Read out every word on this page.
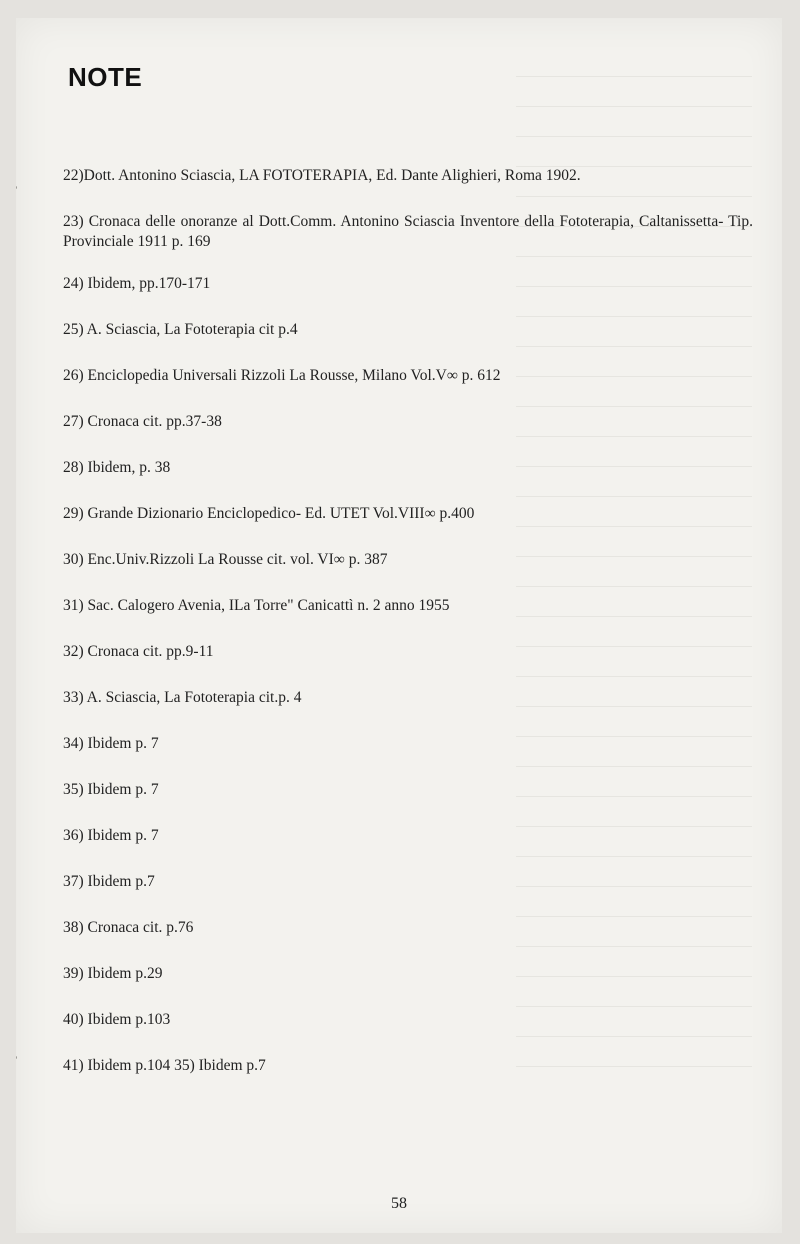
NOTE

22)Dott. Antonino Sciascia, LA FOTOTERAPIA, Ed. Dante Alighieri, Roma 1902.

23) Cronaca delle onoranze al Dott.Comm. Antonino Sciascia Inventore della Fototerapia, Caltanissetta- Tip. Provinciale 1911 p. 169

24) Ibidem, pp.170-171

25) A. Sciascia, La Fototerapia cit p.4

26) Enciclopedia Universali Rizzoli La Rousse, Milano Vol.V∞ p. 612

27) Cronaca cit. pp.37-38

28) Ibidem, p. 38

29) Grande Dizionario Enciclopedico- Ed. UTET Vol.VIII∞ p.400

30) Enc.Univ.Rizzoli La Rousse cit. vol. VI∞ p. 387

31) Sac. Calogero Avenia, ILa Torre" Canicattì n. 2 anno 1955

32) Cronaca cit. pp.9-11

33) A. Sciascia, La Fototerapia cit.p. 4

34) Ibidem p. 7

35) Ibidem p. 7

36) Ibidem p. 7

37) Ibidem p.7

38) Cronaca cit. p.76

39) Ibidem p.29

40) Ibidem p.103

41) Ibidem p.104 35) Ibidem p.7

58
